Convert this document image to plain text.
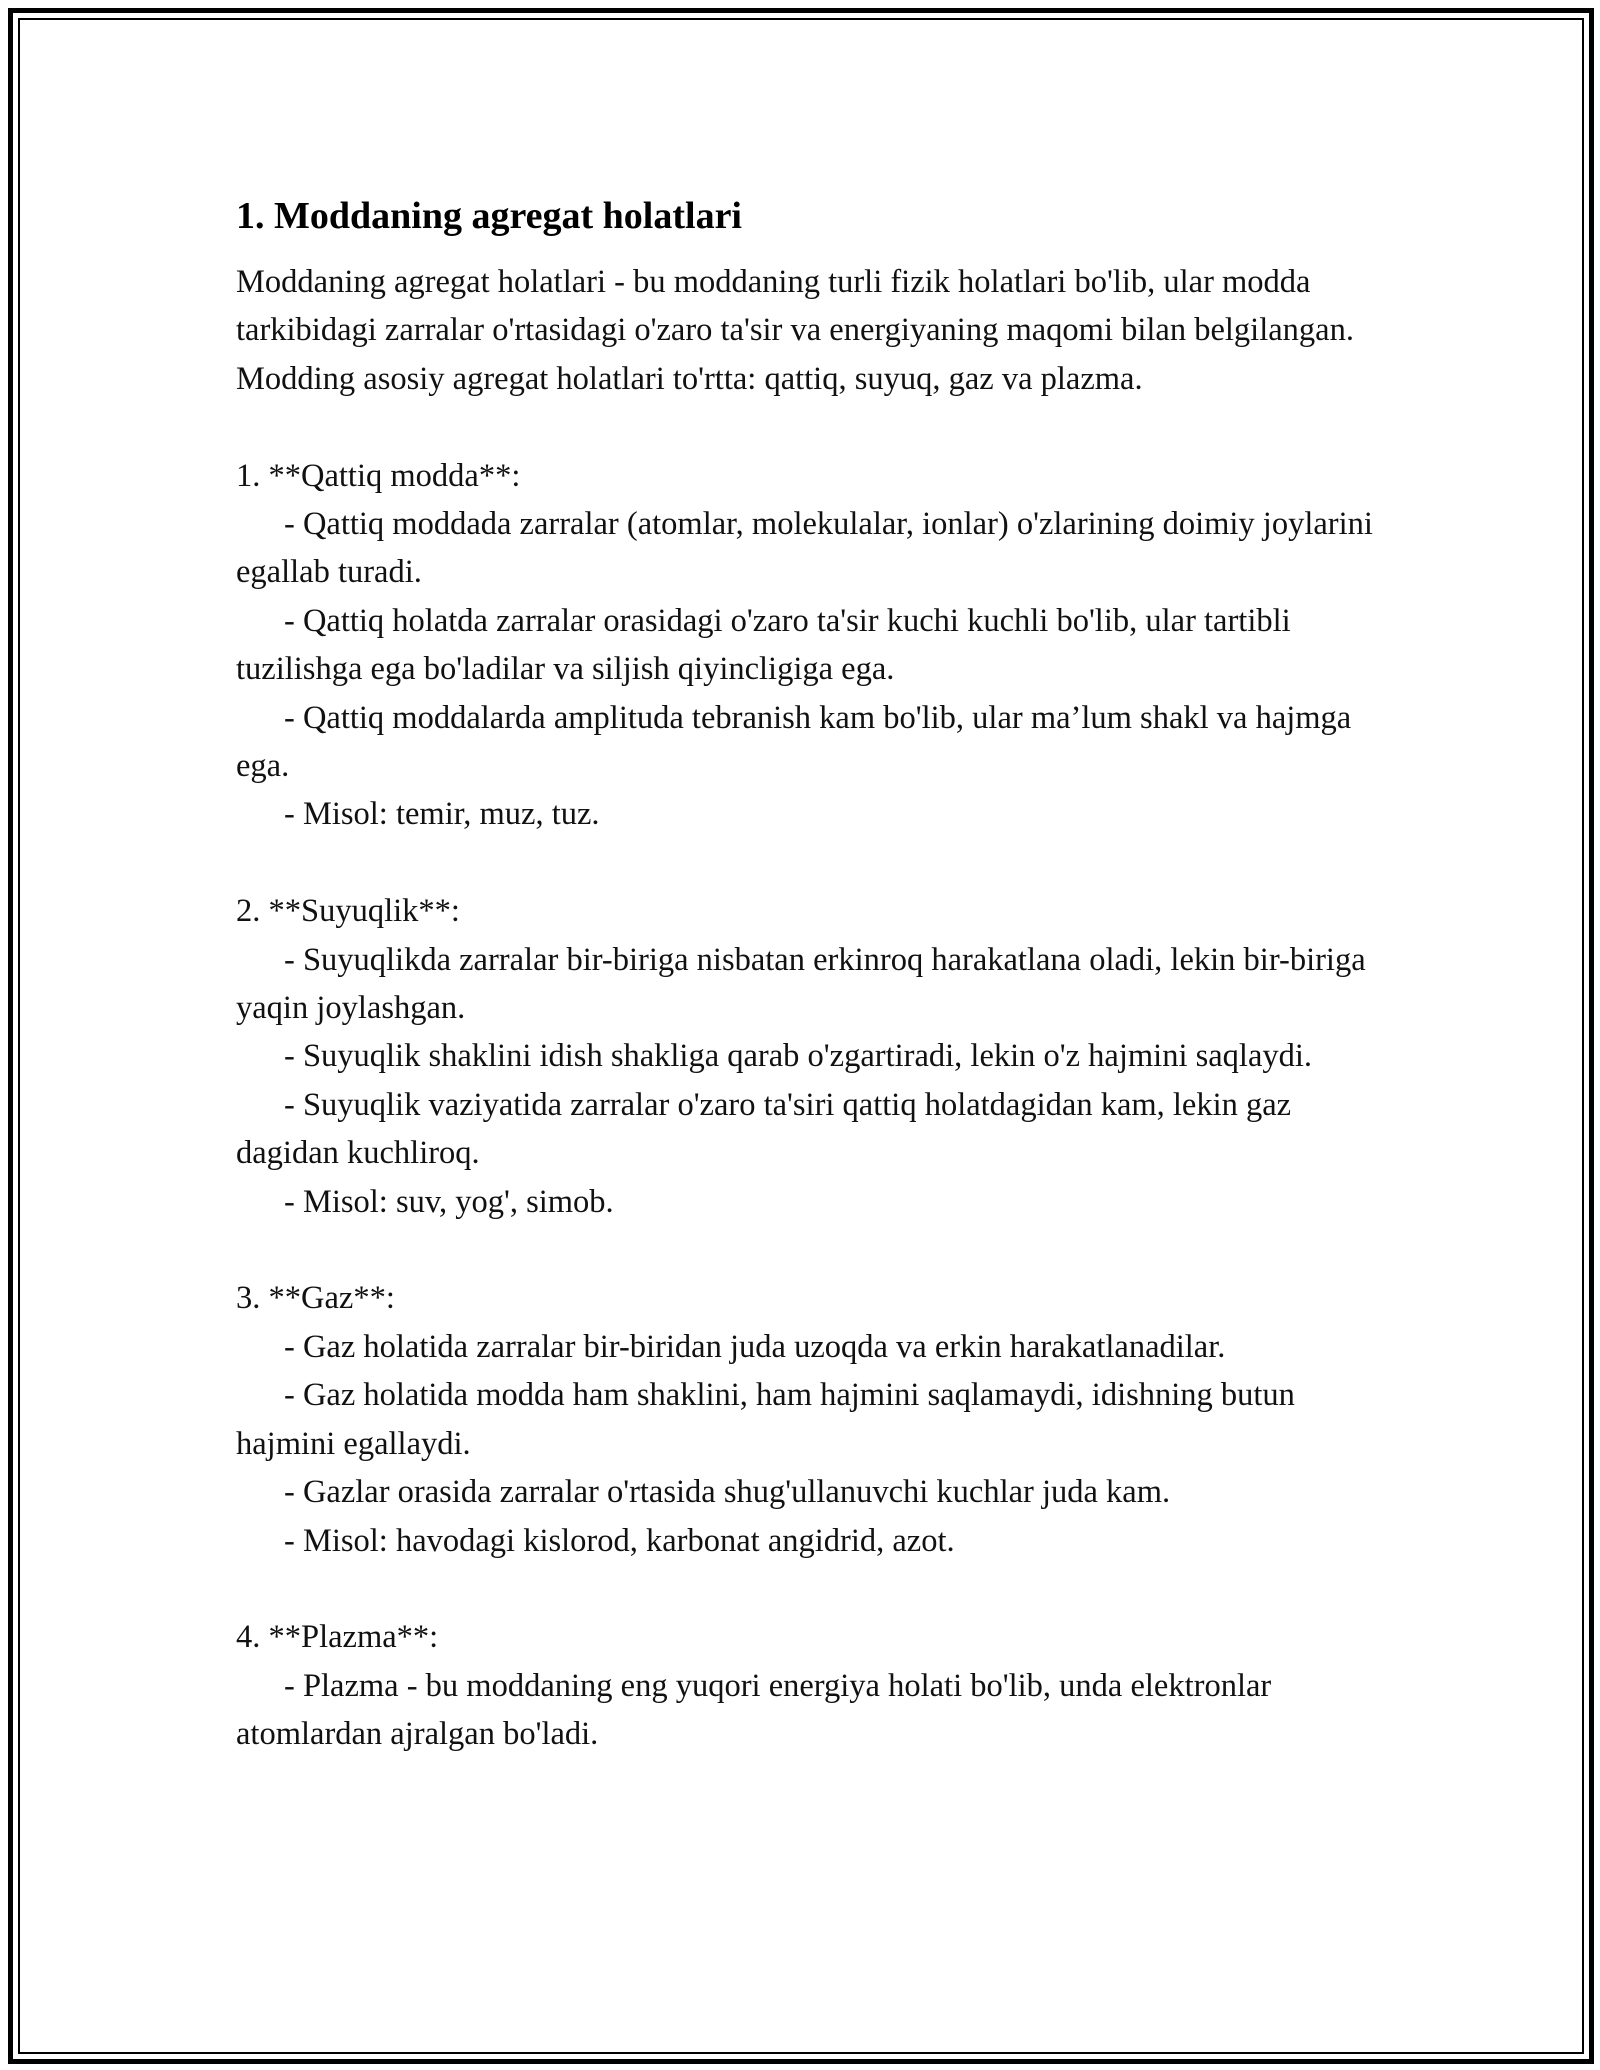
1. Moddaning agregat holatlari

Moddaning agregat holatlari - bu moddaning turli fizik holatlari bo'lib, ular modda tarkibidagi zarralar o'rtasidagi o'zaro ta'sir va energiyaning maqomi bilan belgilangan. Modding asosiy agregat holatlari to'rtta: qattiq, suyuq, gaz va plazma.

1. **Qattiq modda**:

- Qattiq moddada zarralar (atomlar, molekulalar, ionlar) o'zlarining doimiy joylarini egallab turadi.

- Qattiq holatda zarralar orasidagi o'zaro ta'sir kuchi kuchli bo'lib, ular tartibli tuzilishga ega bo'ladilar va siljish qiyincligiga ega.

- Qattiq moddalarda amplituda tebranish kam bo'lib, ular ma’lum shakl va hajmga ega.

- Misol: temir, muz, tuz.

2. **Suyuqlik**:

- Suyuqlikda zarralar bir-biriga nisbatan erkinroq harakatlana oladi, lekin bir-biriga yaqin joylashgan.

- Suyuqlik shaklini idish shakliga qarab o'zgartiradi, lekin o'z hajmini saqlaydi.

- Suyuqlik vaziyatida zarralar o'zaro ta'siri qattiq holatdagidan kam, lekin gaz dagidan kuchliroq.

- Misol: suv, yog', simob.

3. **Gaz**:

- Gaz holatida zarralar bir-biridan juda uzoqda va erkin harakatlanadilar.

- Gaz holatida modda ham shaklini, ham hajmini saqlamaydi, idishning butun hajmini egallaydi.

- Gazlar orasida zarralar o'rtasida shug'ullanuvchi kuchlar juda kam.

- Misol: havodagi kislorod, karbonat angidrid, azot.

4. **Plazma**:

- Plazma - bu moddaning eng yuqori energiya holati bo'lib, unda elektronlar atomlardan ajralgan bo'ladi.
